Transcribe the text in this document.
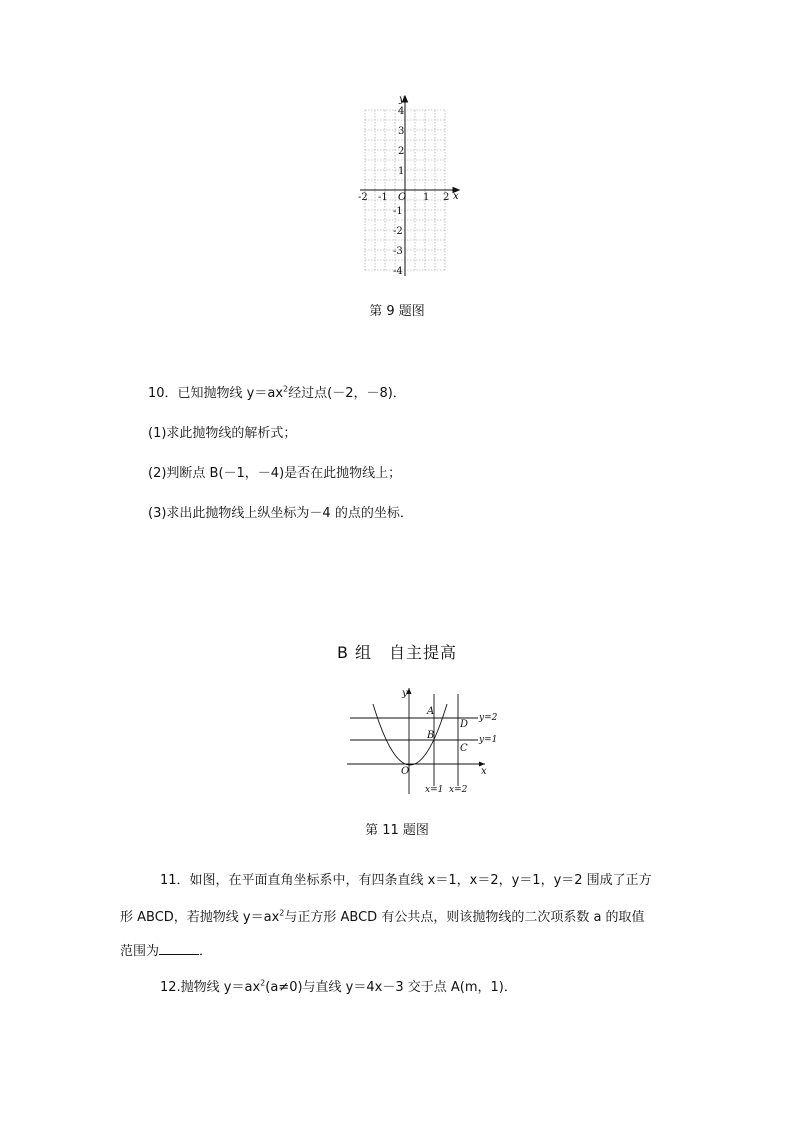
-2 -1	1 2
4
3
2
1
-1
-2
-3
-4
O	x
y
第 9 题图
10．已知抛物线 $y=ax^2$经过点(－2，－8)．
(1)求此抛物线的解析式；
(2)判断点 B(－1，－4)是否在此抛物线上；
(3)求出此抛物线上纵坐标为－4 的点的坐标．
B 组　自主提高
y
x
O
A
B
C
D
y=2
y=1
x=1 x=2
第 11 题图
11．如图，在平面直角坐标系中，有四条直线 x＝1，x＝2，y＝1，y＝2 围成了正方
形 ABCD，若抛物线 $y=ax^2$与正方形 ABCD 有公共点，则该抛物线的二次项系数 a 的取值
范围为	．
12.抛物线 $y=ax^2(a\ne 0)$与直线 y＝4x－3 交于点 A(m，1)．
